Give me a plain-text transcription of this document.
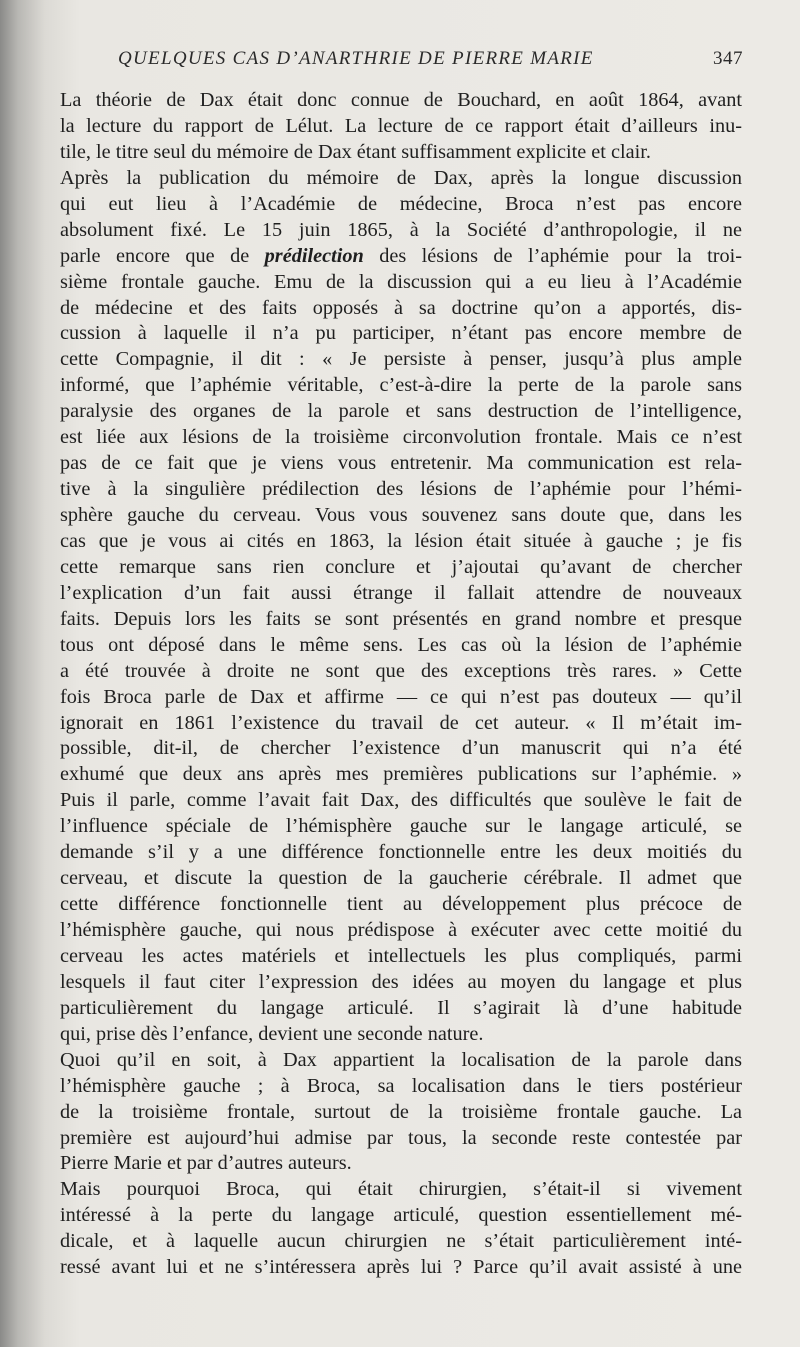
QUELQUES CAS D’ANARTHRIE DE PIERRE MARIE	347
La théorie de Dax était donc connue de Bouchard, en août 1864, avant
la lecture du rapport de Lélut. La lecture de ce rapport était d’ailleurs inu-
tile, le titre seul du mémoire de Dax étant suffisamment explicite et clair.
Après la publication du mémoire de Dax, après la longue discussion
qui eut lieu à l’Académie de médecine, Broca n’est pas encore
absolument fixé. Le 15 juin 1865, à la Société d’anthropologie, il ne
parle encore que de prédilection des lésions de l’aphémie pour la troi-
sième frontale gauche. Emu de la discussion qui a eu lieu à l’Académie
de médecine et des faits opposés à sa doctrine qu’on a apportés, dis-
cussion à laquelle il n’a pu participer, n’étant pas encore membre de
cette Compagnie, il dit : « Je persiste à penser, jusqu’à plus ample
informé, que l’aphémie véritable, c’est-à-dire la perte de la parole sans
paralysie des organes de la parole et sans destruction de l’intelligence,
est liée aux lésions de la troisième circonvolution frontale. Mais ce n’est
pas de ce fait que je viens vous entretenir. Ma communication est rela-
tive à la singulière prédilection des lésions de l’aphémie pour l’hémi-
sphère gauche du cerveau. Vous vous souvenez sans doute que, dans les
cas que je vous ai cités en 1863, la lésion était située à gauche ; je fis
cette remarque sans rien conclure et j’ajoutai qu’avant de chercher
l’explication d’un fait aussi étrange il fallait attendre de nouveaux
faits. Depuis lors les faits se sont présentés en grand nombre et presque
tous ont déposé dans le même sens. Les cas où la lésion de l’aphémie
a été trouvée à droite ne sont que des exceptions très rares. » Cette
fois Broca parle de Dax et affirme — ce qui n’est pas douteux — qu’il
ignorait en 1861 l’existence du travail de cet auteur. « Il m’était im-
possible, dit-il, de chercher l’existence d’un manuscrit qui n’a été
exhumé que deux ans après mes premières publications sur l’aphémie. »
Puis il parle, comme l’avait fait Dax, des difficultés que soulève le fait de
l’influence spéciale de l’hémisphère gauche sur le langage articulé, se
demande s’il y a une différence fonctionnelle entre les deux moitiés du
cerveau, et discute la question de la gaucherie cérébrale. Il admet que
cette différence fonctionnelle tient au développement plus précoce de
l’hémisphère gauche, qui nous prédispose à exécuter avec cette moitié du
cerveau les actes matériels et intellectuels les plus compliqués, parmi
lesquels il faut citer l’expression des idées au moyen du langage et plus
particulièrement du langage articulé. Il s’agirait là d’une habitude
qui, prise dès l’enfance, devient une seconde nature.
Quoi qu’il en soit, à Dax appartient la localisation de la parole dans
l’hémisphère gauche ; à Broca, sa localisation dans le tiers postérieur
de la troisième frontale, surtout de la troisième frontale gauche. La
première est aujourd’hui admise par tous, la seconde reste contestée par
Pierre Marie et par d’autres auteurs.
Mais pourquoi Broca, qui était chirurgien, s’était-il si vivement
intéressé à la perte du langage articulé, question essentiellement mé-
dicale, et à laquelle aucun chirurgien ne s’était particulièrement inté-
ressé avant lui et ne s’intéressera après lui ? Parce qu’il avait assisté à une
